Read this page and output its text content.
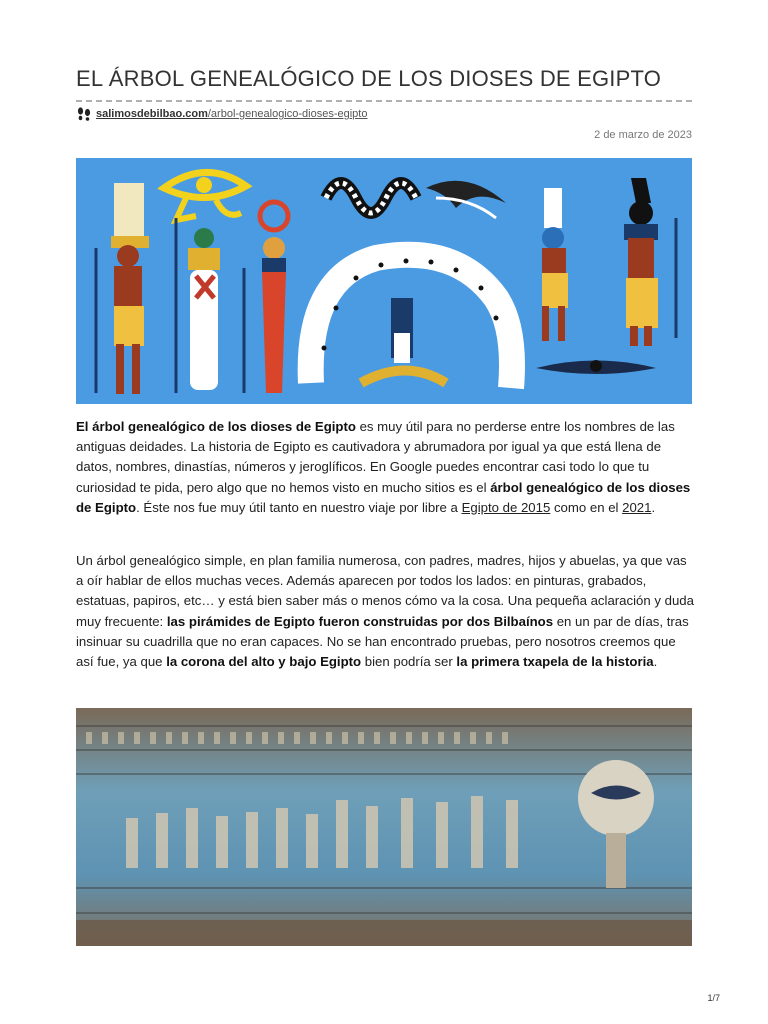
EL ÁRBOL GENEALÓGICO DE LOS DIOSES DE EGIPTO
salimosdebilbao.com/arbol-genealogico-dioses-egipto
2 de marzo de 2023

El árbol genealógico de los dioses de Egipto es muy útil para no perderse entre los nombres de las antiguas deidades. La historia de Egipto es cautivadora y abrumadora por igual ya que está llena de datos, nombres, dinastías, números y jeroglíficos. En Google puedes encontrar casi todo lo que tu curiosidad te pida, pero algo que no hemos visto en mucho sitios es el árbol genealógico de los dioses de Egipto. Éste nos fue muy útil tanto en nuestro viaje por libre a Egipto de 2015 como en el 2021.

Un árbol genealógico simple, en plan familia numerosa, con padres, madres, hijos y abuelas, ya que vas a oír hablar de ellos muchas veces. Además aparecen por todos los lados: en pinturas, grabados, estatuas, papiros, etc… y está bien saber más o menos cómo va la cosa. Una pequeña aclaración y duda muy frecuente: las pirámides de Egipto fueron construidas por dos Bilbaínos en un par de días, tras insinuar su cuadrilla que no eran capaces. No se han encontrado pruebas, pero nosotros creemos que así fue, ya que la corona del alto y bajo Egipto bien podría ser la primera txapela de la historia.

1/7
